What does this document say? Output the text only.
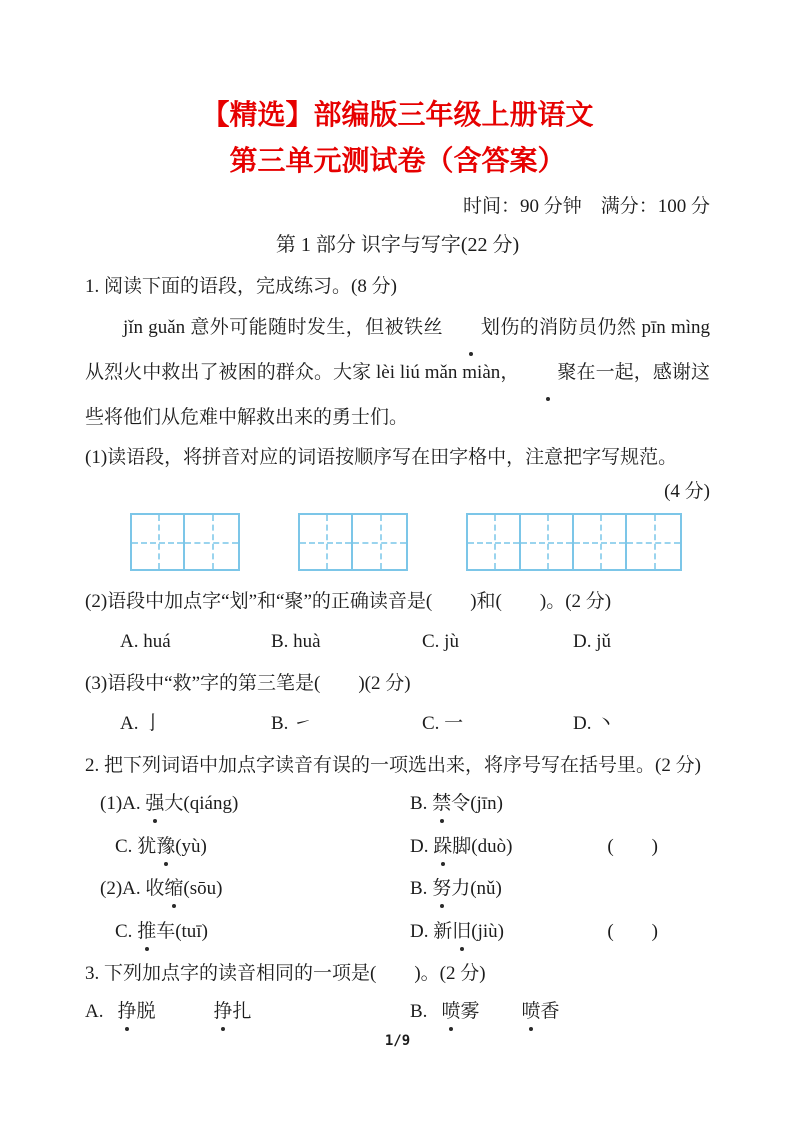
【精选】部编版三年级上册语文
第三单元测试卷（含答案）
时间：90 分钟　满分：100 分
第 1 部分 识字与写字(22 分)
1. 阅读下面的语段，完成练习。(8 分)
jǐn guǎn 意外可能随时发生，但被铁丝 划伤的消防员仍然 pīn mìng 从烈火中救出了被困的群众。大家 lèi liú mǎn miàn， 聚在一起，感谢这些将他们从危难中解救出来的勇士们。
(1)读语段，将拼音对应的词语按顺序写在田字格中，注意把字写规范。
(4 分)
(2)语段中加点字“划”和“聚”的正确读音是(　　)和(　　)。(2 分)
A. huá	B. huà	C. jù	D. jǔ
(3)语段中“救”字的第三笔是(　　)(2 分)
A. 亅	B. ㇀	C. 一	D. 丶
2. 把下列词语中加点字读音有误的一项选出来，将序号写在括号里。(2 分)
(1)A. 强大(qiáng)	B. 禁令(jīn)
C. 犹豫(yù)	D. 跺脚(duò)	(　　)
(2)A. 收缩(sōu)	B. 努力(nǔ)
C. 推车(tuī)	D. 新旧(jiù)	(　　)
3. 下列加点字的读音相同的一项是(　　)。(2 分)
A. 挣脱	挣扎	B. 喷雾 喷香
1/9
